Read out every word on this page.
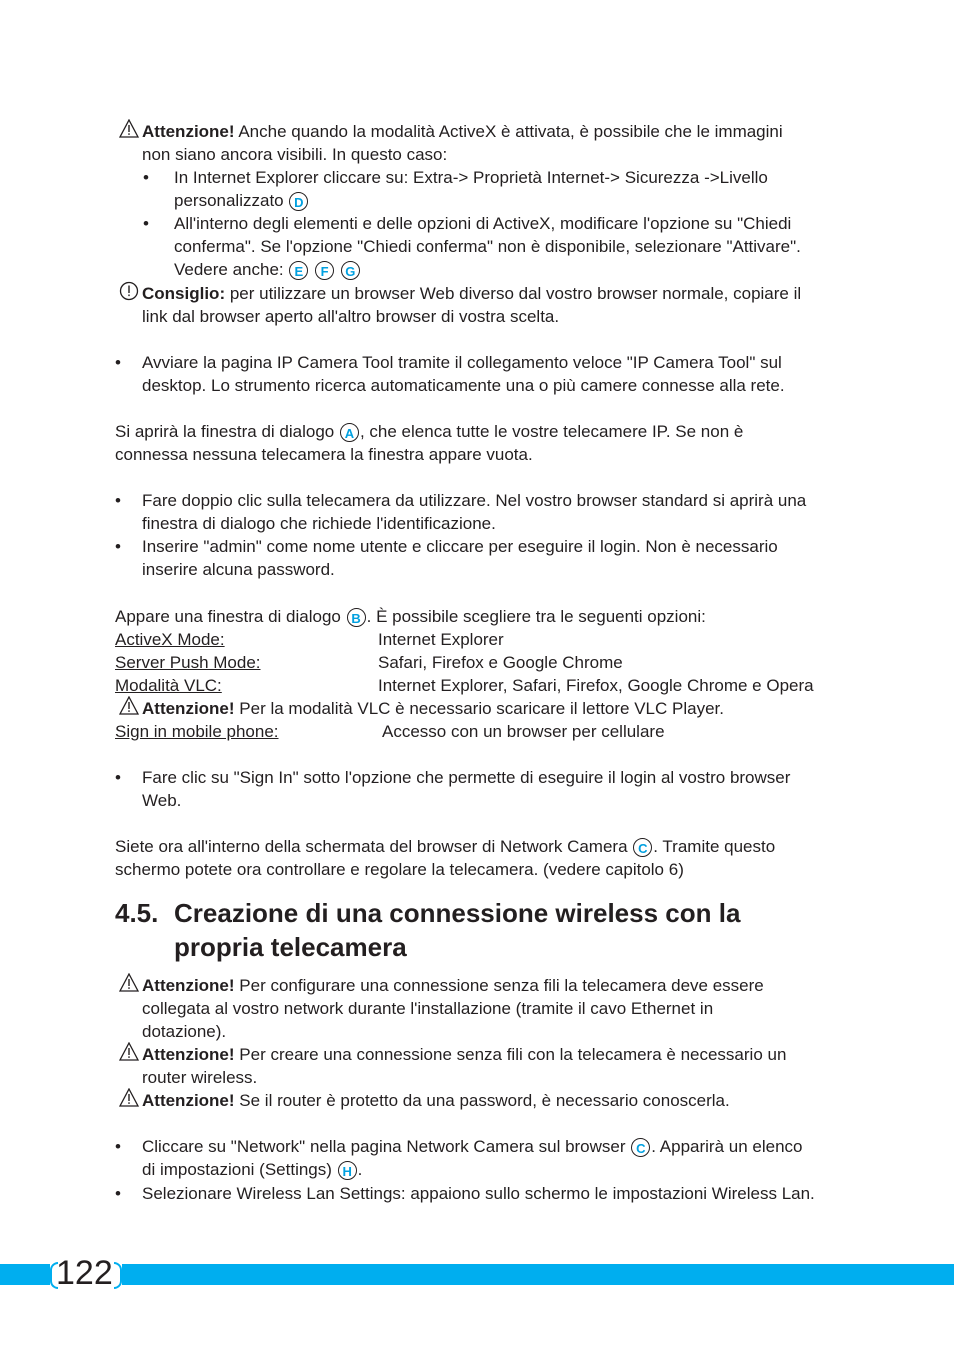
Attenzione! Anche quando la modalità ActiveX è attivata, è possibile che le immagini
non siano ancora visibili. In questo caso:
• In Internet Explorer cliccare su: Extra-> Proprietà Internet-> Sicurezza ->Livello
personalizzato D
• All'interno degli elementi e delle opzioni di ActiveX, modificare l'opzione su "Chiedi
conferma". Se l'opzione "Chiedi conferma" non è disponibile, selezionare "Attivare".
Vedere anche: E F G
Consiglio: per utilizzare un browser Web diverso dal vostro browser normale, copiare il
link dal browser aperto all'altro browser di vostra scelta.
• Avviare la pagina IP Camera Tool tramite il collegamento veloce "IP Camera Tool" sul
desktop. Lo strumento ricerca automaticamente una o più camere connesse alla rete.
Si aprirà la finestra di dialogo A , che elenca tutte le vostre telecamere IP. Se non è
connessa nessuna telecamera la finestra appare vuota.
• Fare doppio clic sulla telecamera da utilizzare. Nel vostro browser standard si aprirà una
finestra di dialogo che richiede l'identificazione.
• Inserire "admin" come nome utente e cliccare per eseguire il login. Non è necessario
inserire alcuna password.
Appare una finestra di dialogo B . È possibile scegliere tra le seguenti opzioni:
ActiveX Mode:	Internet Explorer
Server Push Mode:	Safari, Firefox e Google Chrome
Modalità VLC:	Internet Explorer, Safari, Firefox, Google Chrome e Opera
Attenzione! Per la modalità VLC è necessario scaricare il lettore VLC Player.
Sign in mobile phone:	Accesso con un browser per cellulare
• Fare clic su "Sign In" sotto l'opzione che permette di eseguire il login al vostro browser
Web.
Siete ora all'interno della schermata del browser di Network Camera C . Tramite questo
schermo potete ora controllare e regolare la telecamera. (vedere capitolo 6)
4.5. Creazione di una connessione wireless con la
propria telecamera
Attenzione! Per configurare una connessione senza fili la telecamera deve essere
collegata al vostro network durante l'installazione (tramite il cavo Ethernet in
dotazione).
Attenzione! Per creare una connessione senza fili con la telecamera è necessario un
router wireless.
Attenzione! Se il router è protetto da una password, è necessario conoscerla.
• Cliccare su "Network" nella pagina Network Camera sul browser C . Apparirà un elenco
di impostazioni (Settings) H .
• Selezionare Wireless Lan Settings: appaiono sullo schermo le impostazioni Wireless Lan.
122
